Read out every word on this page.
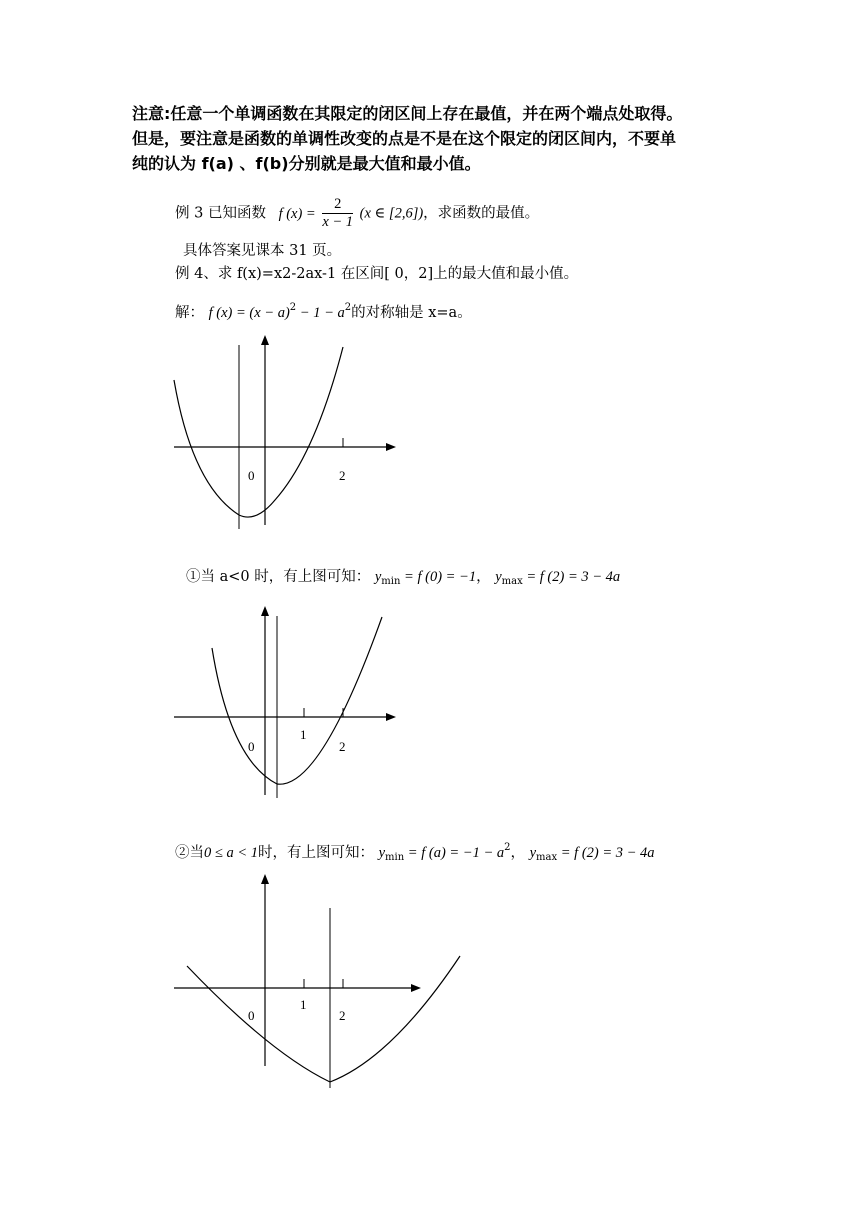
注意:任意一个单调函数在其限定的闭区间上存在最值，并在两个端点处取得。
但是，要注意是函数的单调性改变的点是不是在这个限定的闭区间内，不要单
纯的认为 f(a) 、f(b)分别就是最大值和最小值。
例 3 已知函数 f $(x) = \frac{2}{x - 1} (x$ ∈ [2,6])，求函数的最值。
具体答案见课本 31 页。
例 4、求 f(x)=x2-2ax-1 在区间[ 0，2]上的最大值和最小值。
解： f $(x) = (x - a)^2 - 1 - a^2$的对称轴是 x=a。
0	2
①当 a<0 时，有上图可知： $y_{min} = f$ (0) = −1， $y_{max} = f$ (2) = 3 − 4a
0
1
2
②当0 ≤ a < 1时，有上图可知： $y_{min} = f$ $(a) = -1 - a^2$， $y_{max} = f$ (2) = 3 − 4a
0
1
2
